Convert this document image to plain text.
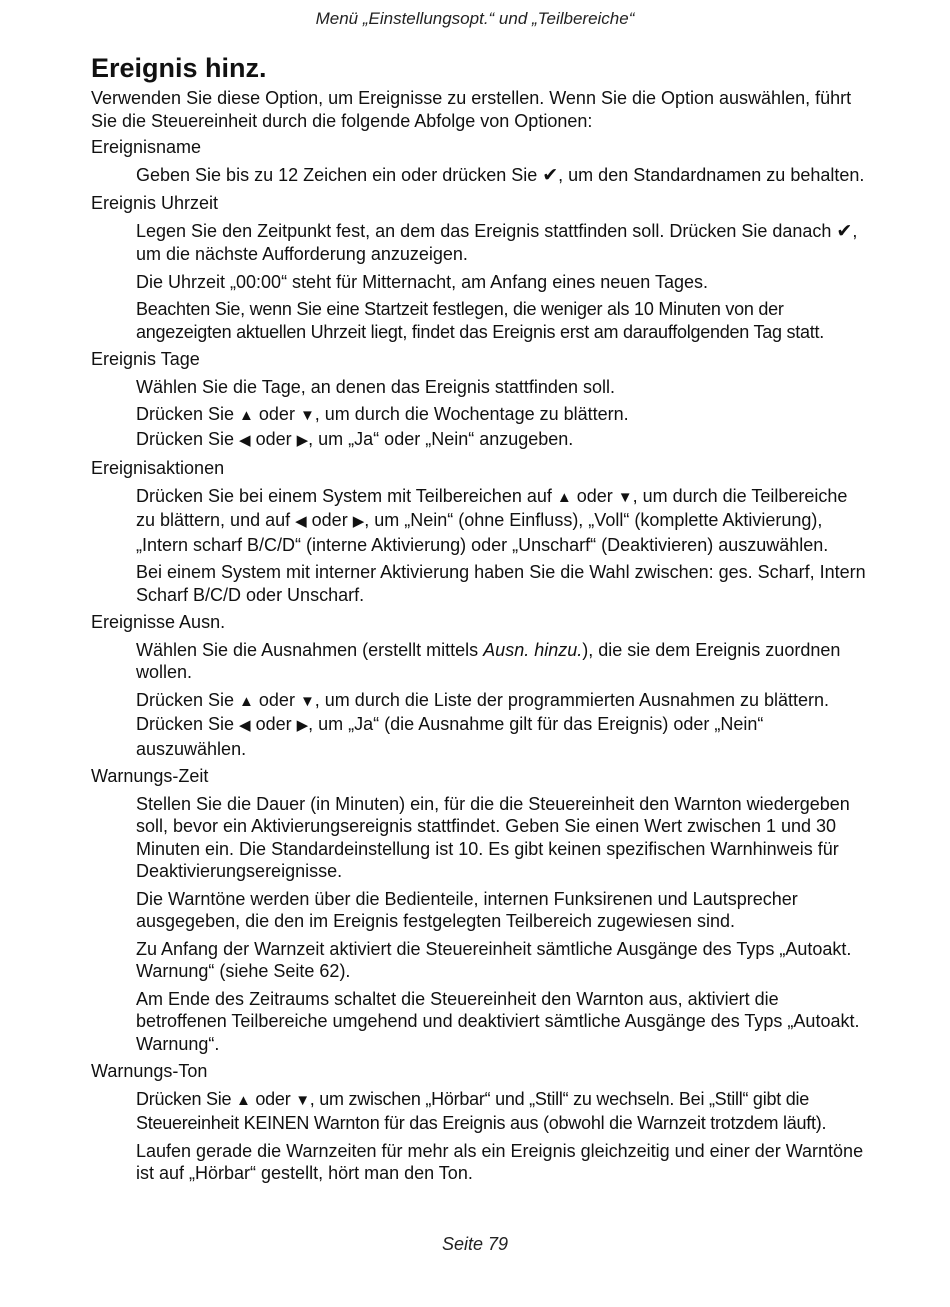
Menü „Einstellungsopt.“ und „Teilbereiche“
Ereignis hinz.

Verwenden Sie diese Option, um Ereignisse zu erstellen. Wenn Sie die Option auswählen, führt Sie die Steuereinheit durch die folgende Abfolge von Optionen:

Ereignisname

Geben Sie bis zu 12 Zeichen ein oder drücken Sie ✔, um den Standardnamen zu behalten.

Ereignis Uhrzeit

Legen Sie den Zeitpunkt fest, an dem das Ereignis stattfinden soll. Drücken Sie danach ✔, um die nächste Aufforderung anzuzeigen.

Die Uhrzeit „00:00“ steht für Mitternacht, am Anfang eines neuen Tages.

Beachten Sie, wenn Sie eine Startzeit festlegen, die weniger als 10 Minuten von der angezeigten aktuellen Uhrzeit liegt, findet das Ereignis erst am darauffolgenden Tag statt.

Ereignis Tage

Wählen Sie die Tage, an denen das Ereignis stattfinden soll.

Drücken Sie ▲ oder ▼, um durch die Wochentage zu blättern.

Drücken Sie ◀ oder ▶, um „Ja“ oder „Nein“ anzugeben.

Ereignisaktionen

Drücken Sie bei einem System mit Teilbereichen auf ▲ oder ▼, um durch die Teilbereiche zu blättern, und auf ◀ oder ▶, um „Nein“ (ohne Einfluss), „Voll“ (komplette Aktivierung), „Intern scharf B/C/D“ (interne Aktivierung) oder „Unscharf“ (Deaktivieren) auszuwählen.

Bei einem System mit interner Aktivierung haben Sie die Wahl zwischen: ges. Scharf, Intern Scharf B/C/D oder Unscharf.

Ereignisse Ausn.

Wählen Sie die Ausnahmen (erstellt mittels Ausn. hinzu.), die sie dem Ereignis zuordnen wollen.

Drücken Sie ▲ oder ▼, um durch die Liste der programmierten Ausnahmen zu blättern. Drücken Sie ◀ oder ▶, um „Ja“ (die Ausnahme gilt für das Ereignis) oder „Nein“ auszuwählen.

Warnungs-Zeit

Stellen Sie die Dauer (in Minuten) ein, für die die Steuereinheit den Warnton wiedergeben soll, bevor ein Aktivierungsereignis stattfindet. Geben Sie einen Wert zwischen 1 und 30 Minuten ein. Die Standardeinstellung ist 10. Es gibt keinen spezifischen Warnhinweis für Deaktivierungsereignisse.

Die Warntöne werden über die Bedienteile, internen Funksirenen und Lautsprecher ausgegeben, die den im Ereignis festgelegten Teilbereich zugewiesen sind.

Zu Anfang der Warnzeit aktiviert die Steuereinheit sämtliche Ausgänge des Typs „Autoakt. Warnung“ (siehe Seite 62).

Am Ende des Zeitraums schaltet die Steuereinheit den Warnton aus, aktiviert die betroffenen Teilbereiche umgehend und deaktiviert sämtliche Ausgänge des Typs „Autoakt. Warnung“.

Warnungs-Ton

Drücken Sie ▲ oder ▼, um zwischen „Hörbar“ und „Still“ zu wechseln. Bei „Still“ gibt die Steuereinheit KEINEN Warnton für das Ereignis aus (obwohl die Warnzeit trotzdem läuft).

Laufen gerade die Warnzeiten für mehr als ein Ereignis gleichzeitig und einer der Warntöne ist auf „Hörbar“ gestellt, hört man den Ton.

Seite 79
